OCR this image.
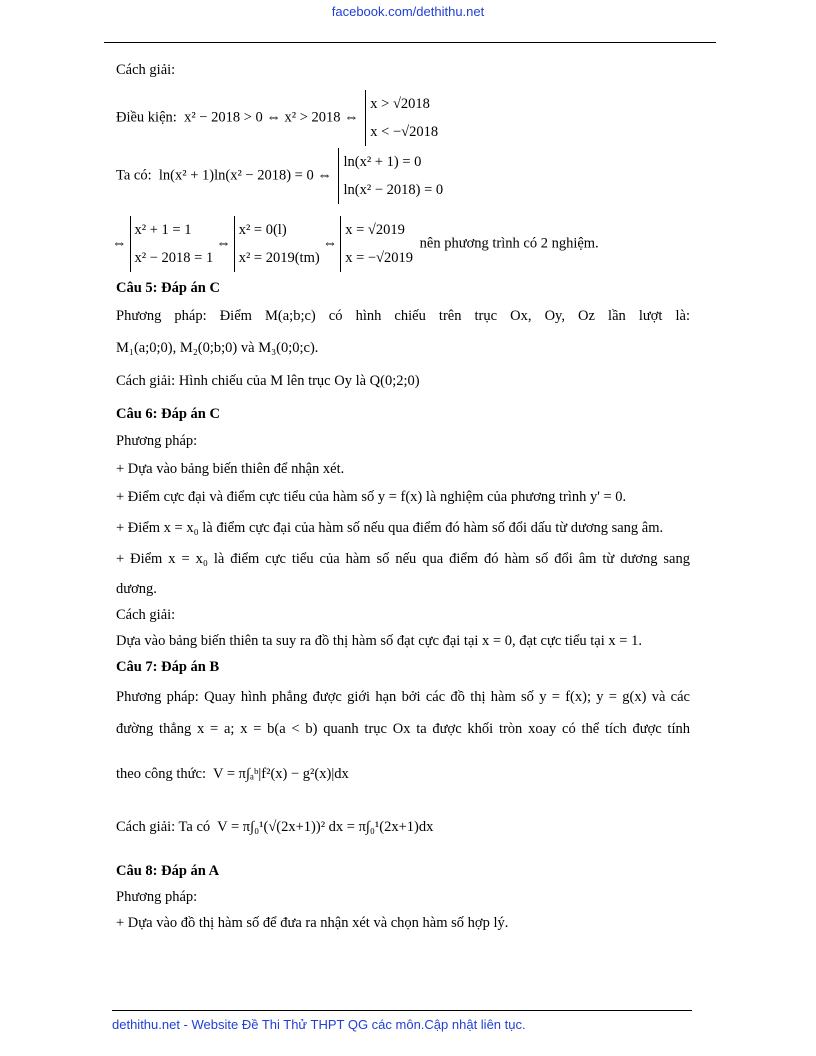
facebook.com/dethithu.net
Cách giải:
Điều kiện: x² − 2018 > 0 ⇔ x² > 2018 ⇔
x > √2018
x < −√2018
Ta có: ln(x² + 1)ln(x² − 2018) = 0 ⇔
ln(x² + 1) = 0
ln(x² − 2018) = 0
⇔
x² + 1 = 1
x² − 2018 = 1
⇔
x² = 0(l)
x² = 2019(tm)
⇔
x = √2019
x = −√2019
nên phương trình có 2 nghiệm.
Câu 5: Đáp án C
Phương pháp: Điểm M(a;b;c) có hình chiếu trên trục Ox, Oy, Oz lần lượt là:
M₁(a;0;0), M₂(0;b;0) và M₃(0;0;c).
Cách giải: Hình chiếu của M lên trục Oy là Q(0;2;0)
Câu 6: Đáp án C
Phương pháp:
+ Dựa vào bảng biến thiên để nhận xét.
+ Điểm cực đại và điểm cực tiểu của hàm số y = f(x) là nghiệm của phương trình y' = 0.
+ Điểm x = x₀ là điểm cực đại của hàm số nếu qua điểm đó hàm số đổi dấu từ dương sang âm.
+ Điểm x = x₀ là điểm cực tiểu của hàm số nếu qua điểm đó hàm số đổi âm từ dương sang
dương.
Cách giải:
Dựa vào bảng biến thiên ta suy ra đồ thị hàm số đạt cực đại tại x = 0, đạt cực tiểu tại x = 1.
Câu 7: Đáp án B
Phương pháp: Quay hình phẳng được giới hạn bởi các đồ thị hàm số y = f(x); y = g(x) và các
đường thẳng x = a; x = b(a < b) quanh trục Ox ta được khối tròn xoay có thể tích được tính
theo công thức: V = π∫ₐᵇ|f²(x) − g²(x)|dx
Cách giải: Ta có V = π∫₀¹(√(2x+1))² dx = π∫₀¹(2x+1)dx
Câu 8: Đáp án A
Phương pháp:
+ Dựa vào đồ thị hàm số để đưa ra nhận xét và chọn hàm số hợp lý.
dethithu.net - Website Đề Thi Thử THPT QG các môn.Cập nhật liên tục.
